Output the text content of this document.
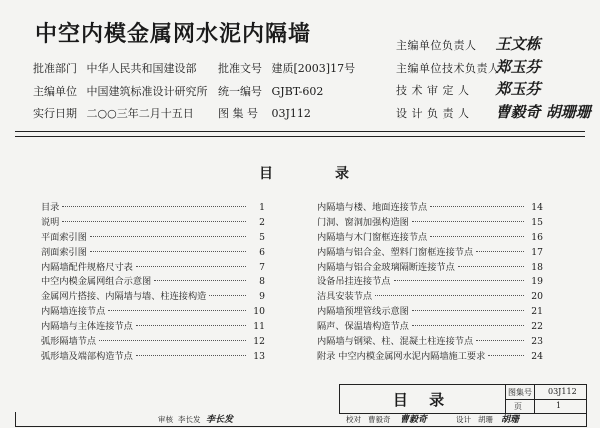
中空内模金属网水泥内隔墙
批准部门 中华人民共和国建设部 批准文号 建质[2003]17号
主编单位 中国建筑标准设计研究所 统一编号 GJBT-602
实行日期 二○○三年二月十五日 图 集 号 03J112
主编单位负责人 王文栋
主编单位技术负责人 郑玉芬
技 术 审 定 人 郑玉芬
设 计 负 责 人 曹毅奇 胡珊珊
目	录
目录	1
说明	2
平面索引图	5
剖面索引图	6
内隔墙配件规格尺寸表	7
中空内模金属网组合示意图	8
金属网片搭接、内隔墙与墙、柱连接构造	9
内隔墙连接节点	10
内隔墙与主体连接节点	11
弧形隔墙节点	12
弧形墙及端部构造节点	13
内隔墙与楼、地面连接节点	14
门洞、窗洞加强构造图	15
内隔墙与木门窗框连接节点	16
内隔墙与铝合金、塑料门窗框连接节点	17
内隔墙与铝合金玻璃隔断连接节点	18
设备吊挂连接节点	19
洁具安装节点	20
内隔墙预埋管线示意图	21
隔声、保温墙构造节点	22
内隔墙与钢梁、柱、混凝土柱连接节点	23
附录 中空内模金属网水泥内隔墙施工要求	24
目 录	图集号 03J112
页	1
审核 李长发 李长发	校对 曹毅奇 曹毅奇	设计 胡珊 胡珊
